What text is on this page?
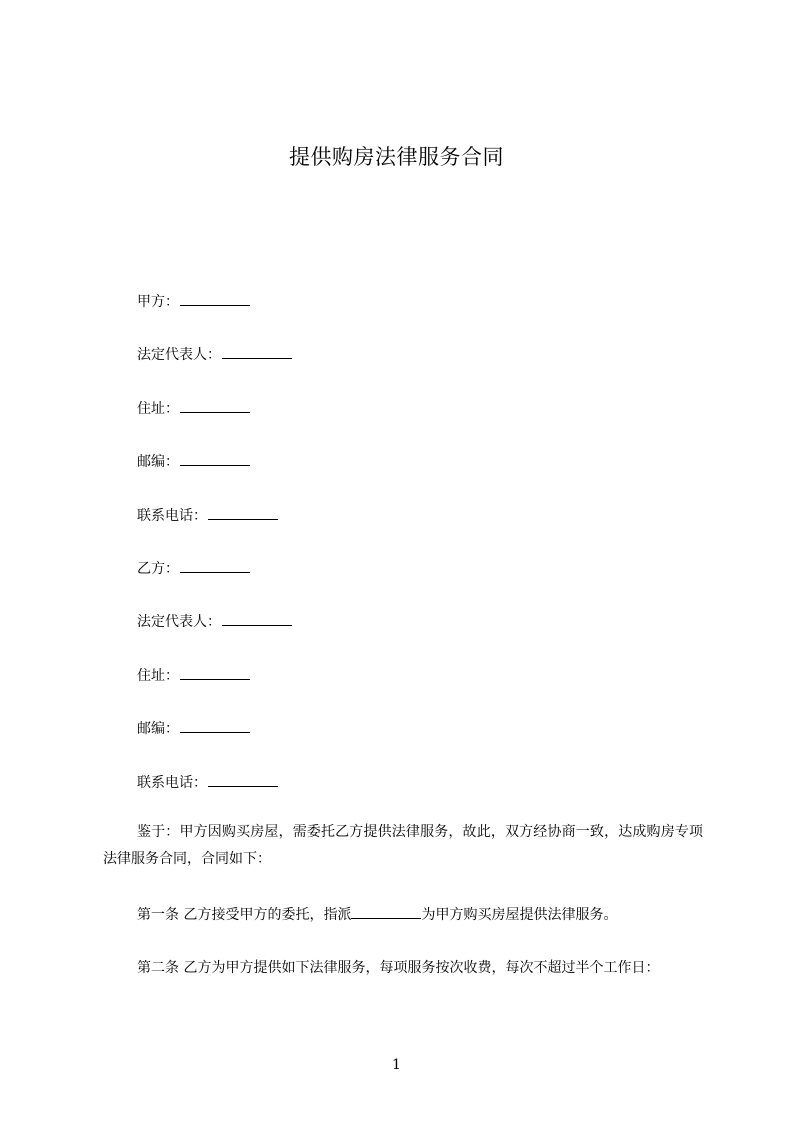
提供购房法律服务合同
甲方：
法定代表人：
住址：
邮编：
联系电话：
乙方：
法定代表人：
住址：
邮编：
联系电话：
鉴于：甲方因购买房屋，需委托乙方提供法律服务，故此，双方经协商一致，达成购房专项法律服务合同，合同如下：
第一条 乙方接受甲方的委托，指派	为甲方购买房屋提供法律服务。
第二条 乙方为甲方提供如下法律服务，每项服务按次收费，每次不超过半个工作日：
1
